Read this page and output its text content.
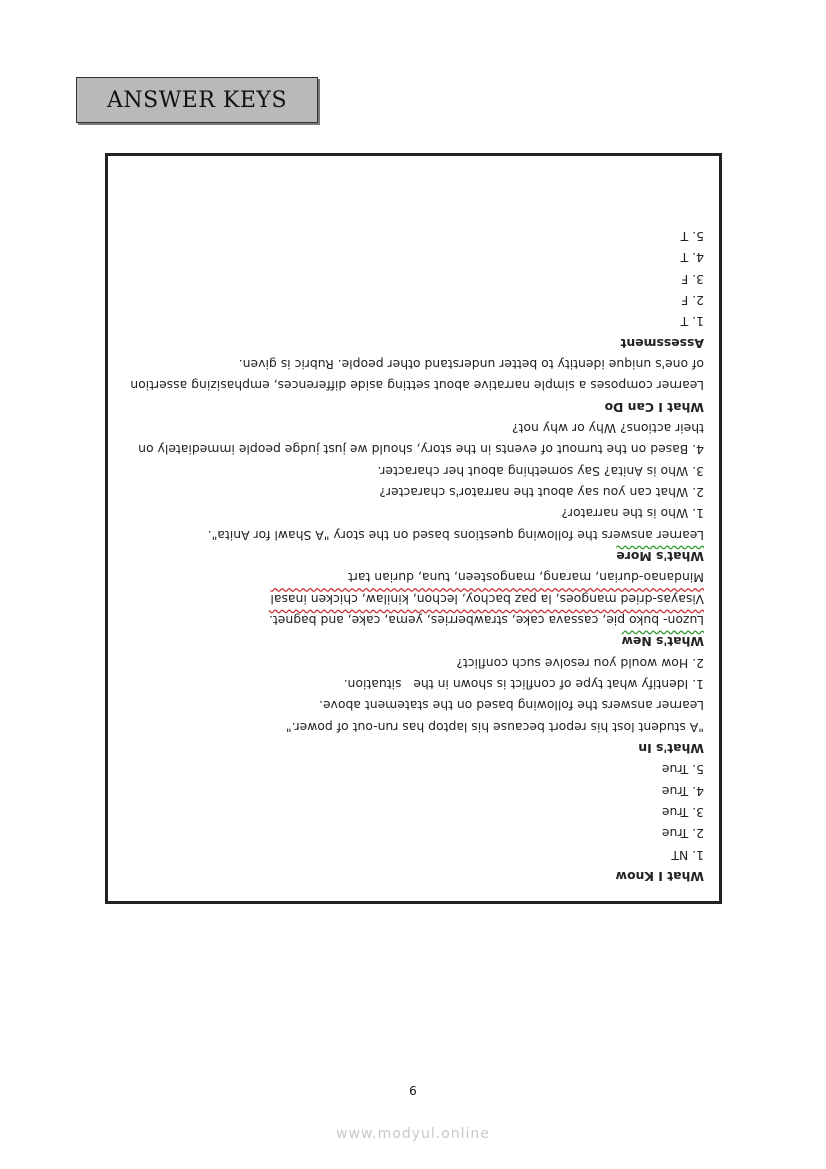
ANSWER KEYS
What I Know
1. NT
2. True
3. True
4. True
5. True
What's In
"A student lost his report because his laptop has run-out of power."
Learner answers the following based on the statement above.
1. Identify what type of conflict is shown in the   situation.
2. How would you resolve such conflict?
What's New
Luzon- buko pie, cassava cake, strawberries, yema, cake, and bagnet.
Visayas-dried mangoes, la paz bachoy, lechon, kinilaw, chicken inasal
Mindanao-durian, marang, mangosteen, tuna, durian tart
What's More
Learner answers the following questions based on the story "A Shawl for Anita".
1. Who is the narrator?
2. What can you say about the narrator's character?
3. Who is Anita? Say something about her character.
4. Based on the turnout of events in the story, should we just judge people immediately on their actions? Why or why not?
What I Can Do
Learner composes a simple narrative about setting aside differences, emphasizing assertion of one's unique identity to better understand other people. Rubric is given.
Assessment
1. T
2. F
3. F
4. T
5. T
6
www.modyul.online
